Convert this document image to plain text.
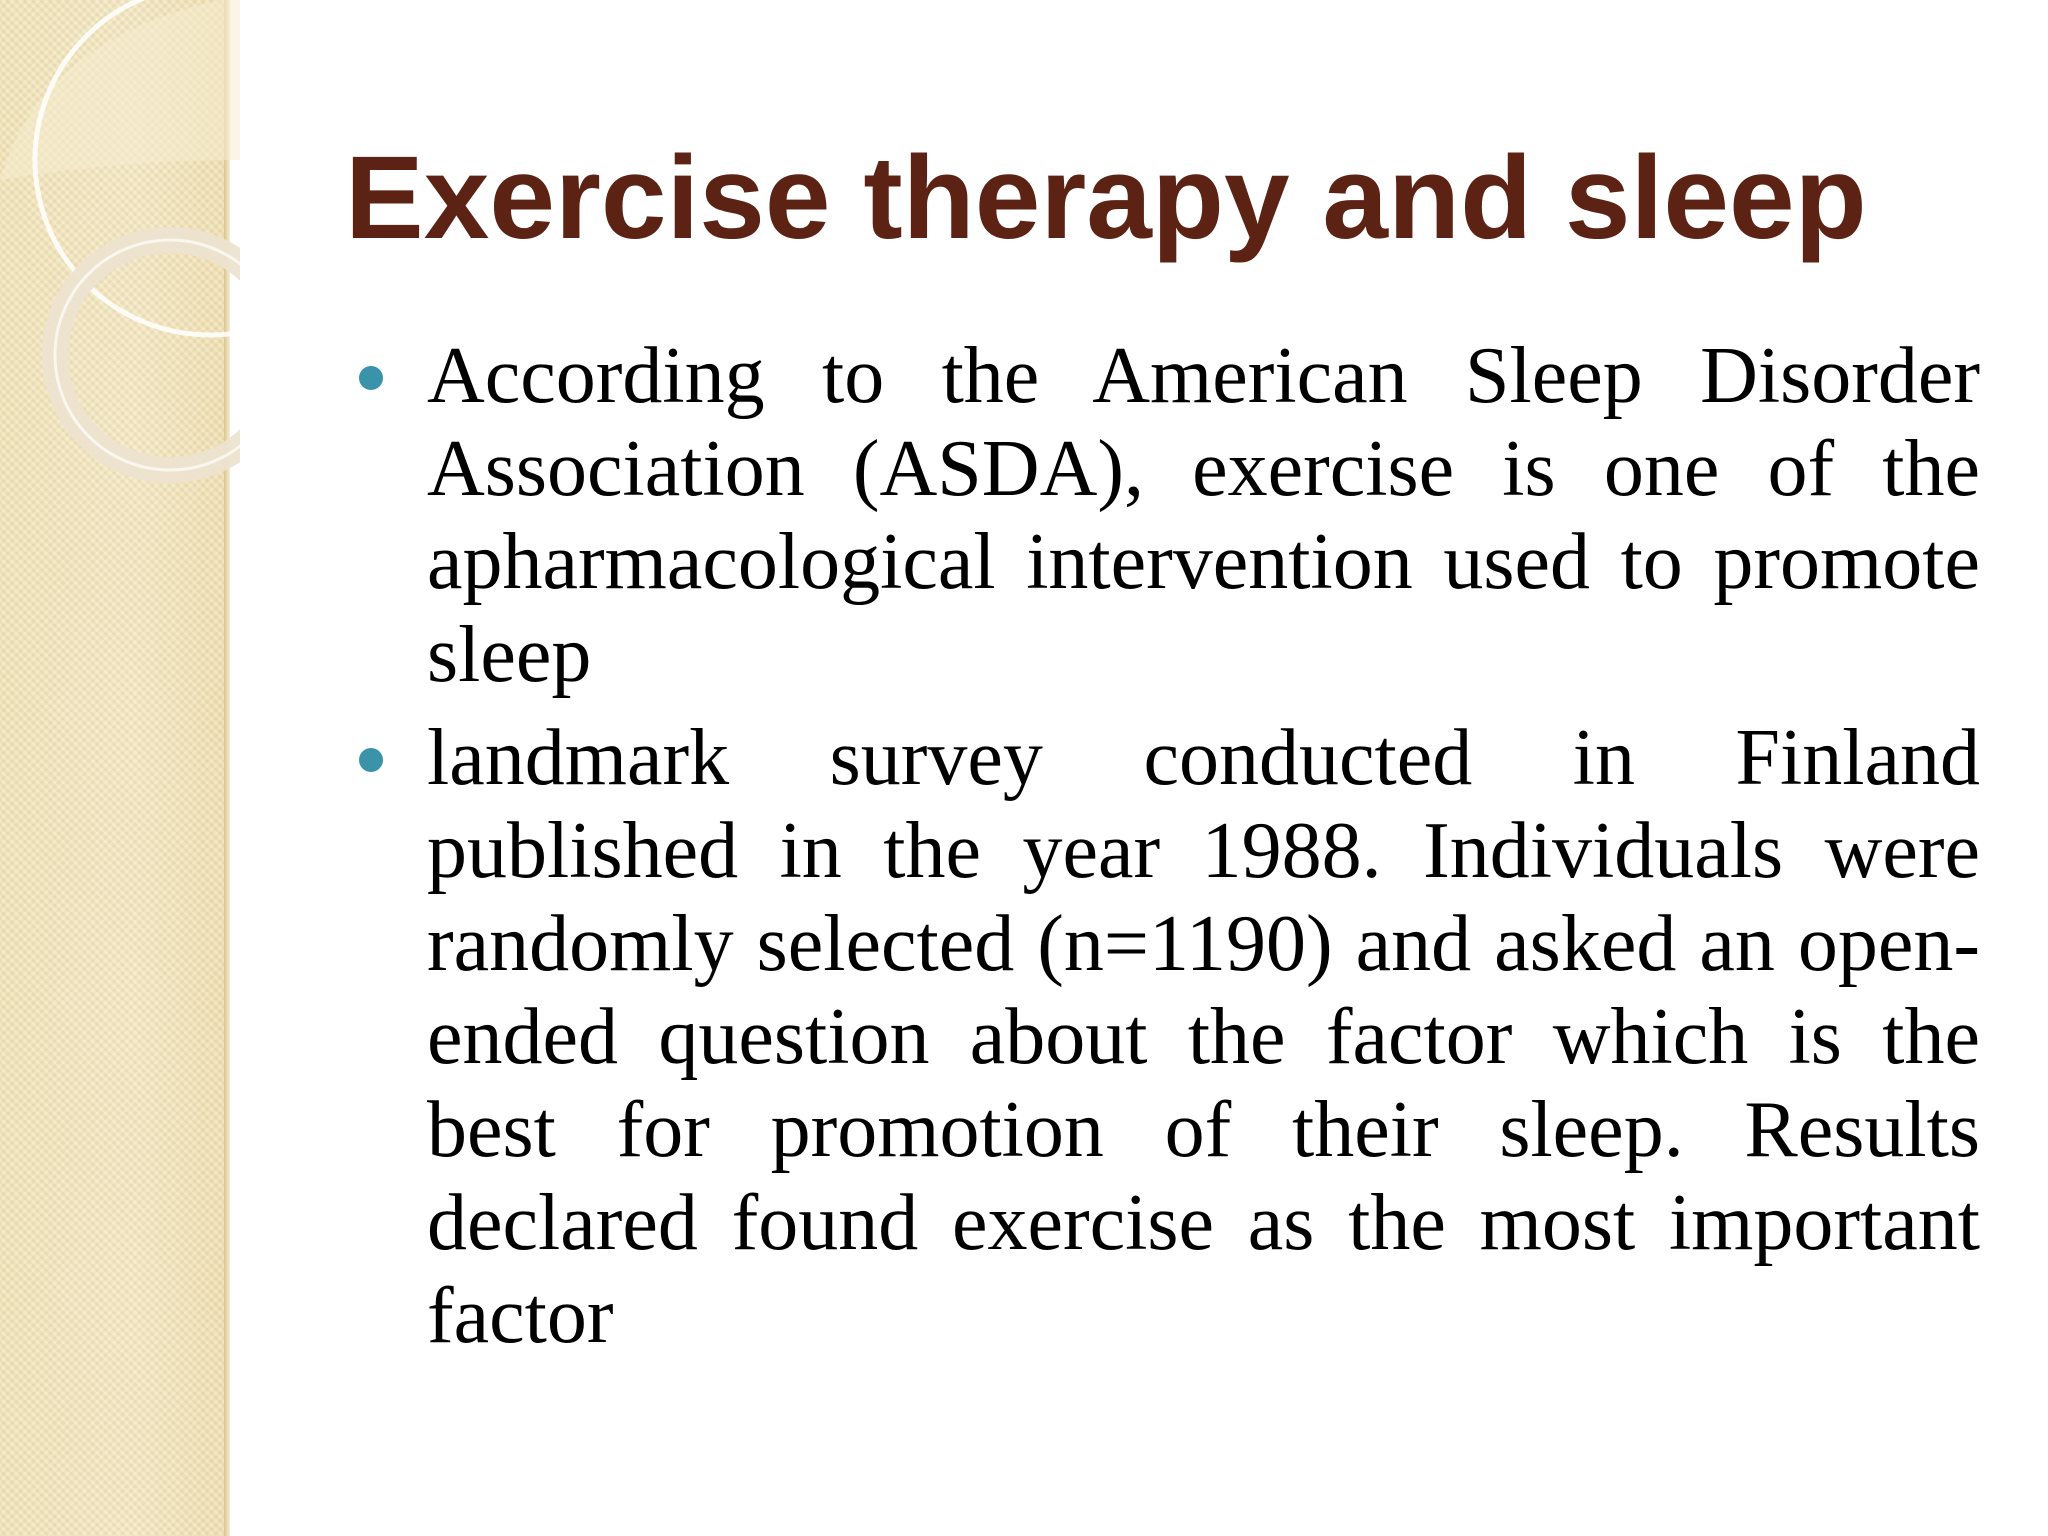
Exercise therapy and sleep
According to the American Sleep Disorder Association (ASDA), exercise is one of the apharmacological intervention used to promote sleep
landmark survey conducted in Finland published in the year 1988. Individuals were randomly selected (n=1190) and asked an open-ended question about the factor which is the best for promotion of their sleep. Results declared found exercise as the most important factor
